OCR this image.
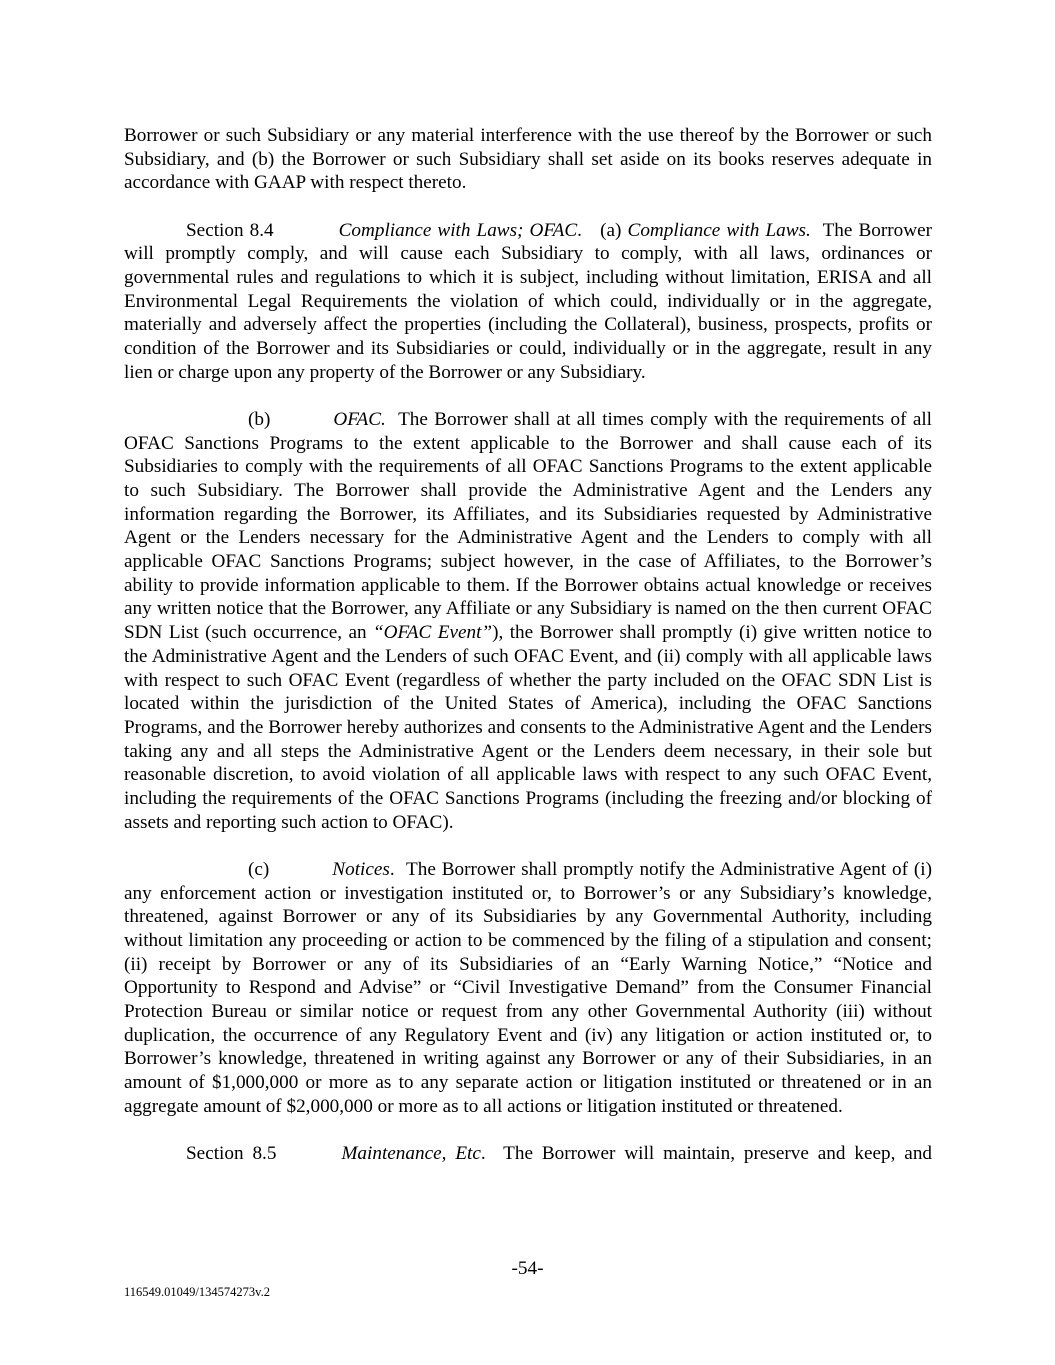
Borrower or such Subsidiary or any material interference with the use thereof by the Borrower or such Subsidiary, and (b) the Borrower or such Subsidiary shall set aside on its books reserves adequate in accordance with GAAP with respect thereto.

Section 8.4	Compliance with Laws; OFAC.   (a) Compliance with Laws. The Borrower will promptly comply, and will cause each Subsidiary to comply, with all laws, ordinances or governmental rules and regulations to which it is subject, including without limitation, ERISA and all Environmental Legal Requirements the violation of which could, individually or in the aggregate, materially and adversely affect the properties (including the Collateral), business, prospects, profits or condition of the Borrower and its Subsidiaries or could, individually or in the aggregate, result in any lien or charge upon any property of the Borrower or any Subsidiary.

(b)	OFAC. The Borrower shall at all times comply with the requirements of all OFAC Sanctions Programs to the extent applicable to the Borrower and shall cause each of its Subsidiaries to comply with the requirements of all OFAC Sanctions Programs to the extent applicable to such Subsidiary. The Borrower shall provide the Administrative Agent and the Lenders any information regarding the Borrower, its Affiliates, and its Subsidiaries requested by Administrative Agent or the Lenders necessary for the Administrative Agent and the Lenders to comply with all applicable OFAC Sanctions Programs; subject however, in the case of Affiliates, to the Borrower’s ability to provide information applicable to them. If the Borrower obtains actual knowledge or receives any written notice that the Borrower, any Affiliate or any Subsidiary is named on the then current OFAC SDN List (such occurrence, an “OFAC Event”), the Borrower shall promptly (i) give written notice to the Administrative Agent and the Lenders of such OFAC Event, and (ii) comply with all applicable laws with respect to such OFAC Event (regardless of whether the party included on the OFAC SDN List is located within the jurisdiction of the United States of America), including the OFAC Sanctions Programs, and the Borrower hereby authorizes and consents to the Administrative Agent and the Lenders taking any and all steps the Administrative Agent or the Lenders deem necessary, in their sole but reasonable discretion, to avoid violation of all applicable laws with respect to any such OFAC Event, including the requirements of the OFAC Sanctions Programs (including the freezing and/or blocking of assets and reporting such action to OFAC).

(c)	Notices.  The Borrower shall promptly notify the Administrative Agent of (i) any enforcement action or investigation instituted or, to Borrower’s or any Subsidiary’s knowledge, threatened, against Borrower or any of its Subsidiaries by any Governmental Authority, including without limitation any proceeding or action to be commenced by the filing of a stipulation and consent; (ii) receipt by Borrower or any of its Subsidiaries of an “Early Warning Notice,” “Notice and Opportunity to Respond and Advise” or “Civil Investigative Demand” from the Consumer Financial Protection Bureau or similar notice or request from any other Governmental Authority (iii) without duplication, the occurrence of any Regulatory Event and (iv) any litigation or action instituted or, to Borrower’s knowledge, threatened in writing against any Borrower or any of their Subsidiaries, in an amount of $1,000,000 or more as to any separate action or litigation instituted or threatened or in an aggregate amount of $2,000,000 or more as to all actions or litigation instituted or threatened.

Section 8.5	Maintenance, Etc.  The Borrower will maintain, preserve and keep, and

-54-
116549.01049/134574273v.2
